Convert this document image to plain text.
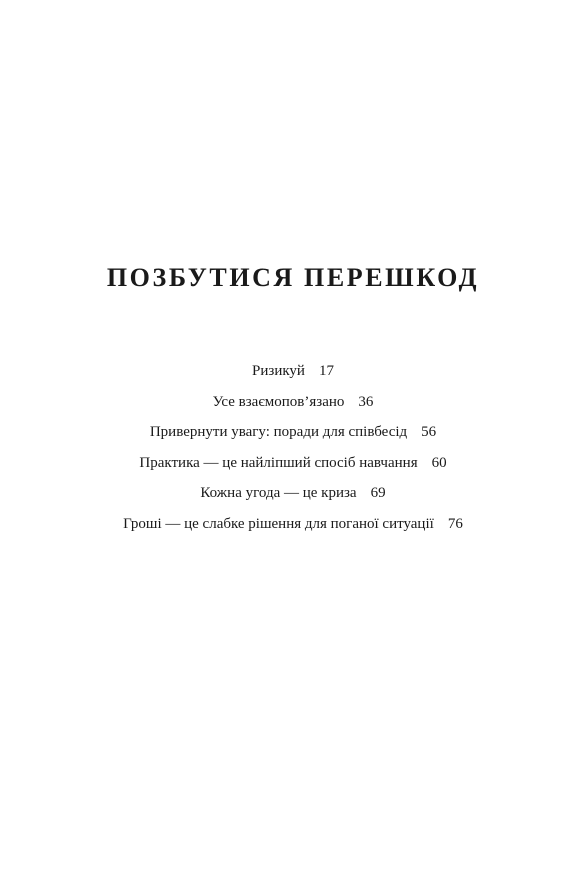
ПОЗБУТИСЯ ПЕРЕШКОД
Ризикуй 17
Усе взаємопов’язано 36
Привернути увагу: поради для співбесід 56
Практика — це найліпший спосіб навчання 60
Кожна угода — це криза 69
Гроші — це слабке рішення для поганої ситуації 76
